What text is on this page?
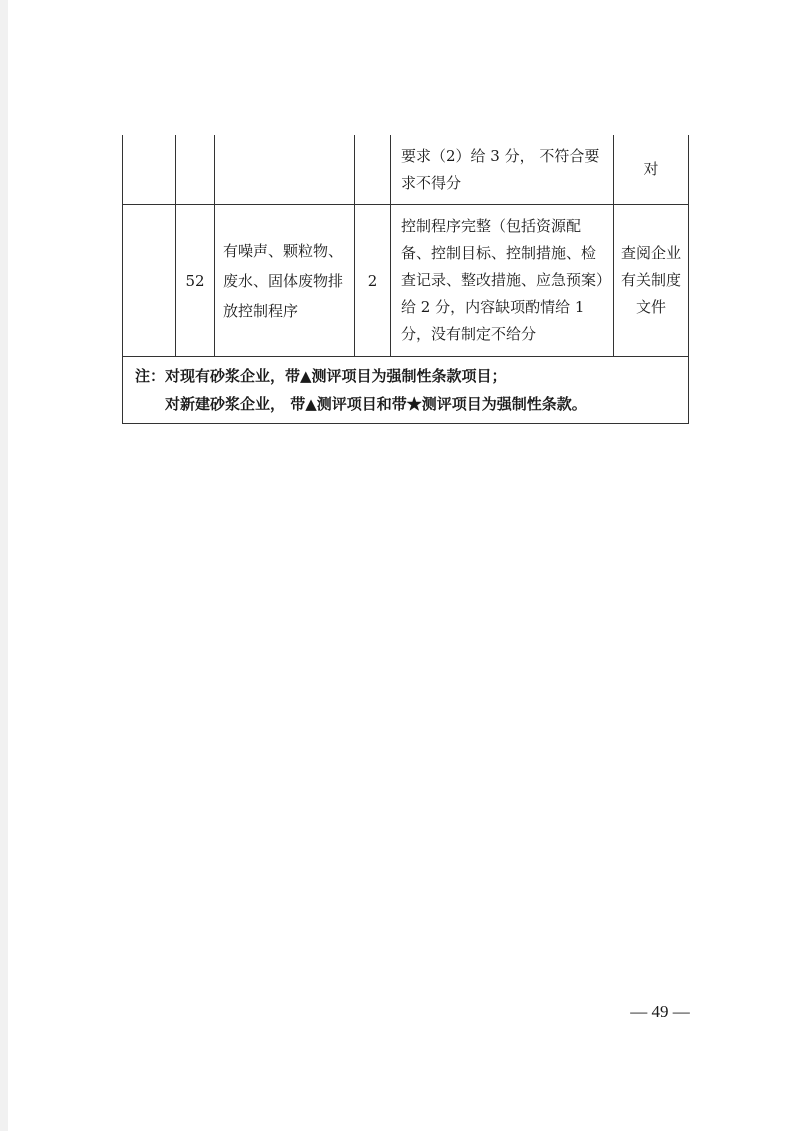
				要求（2）给 3 分， 不符合要求不得分	对
	52	有噪声、颗粒物、废水、固体废物排放控制程序	2	控制程序完整（包括资源配备、控制目标、控制措施、检查记录、整改措施、应急预案）给 2 分，内容缺项酌情给 1 分，没有制定不给分	查阅企业有关制度文件
注：对现有砂浆企业，带▲测评项目为强制性条款项目；
对新建砂浆企业， 带▲测评项目和带★测评项目为强制性条款。					
— 49 —
